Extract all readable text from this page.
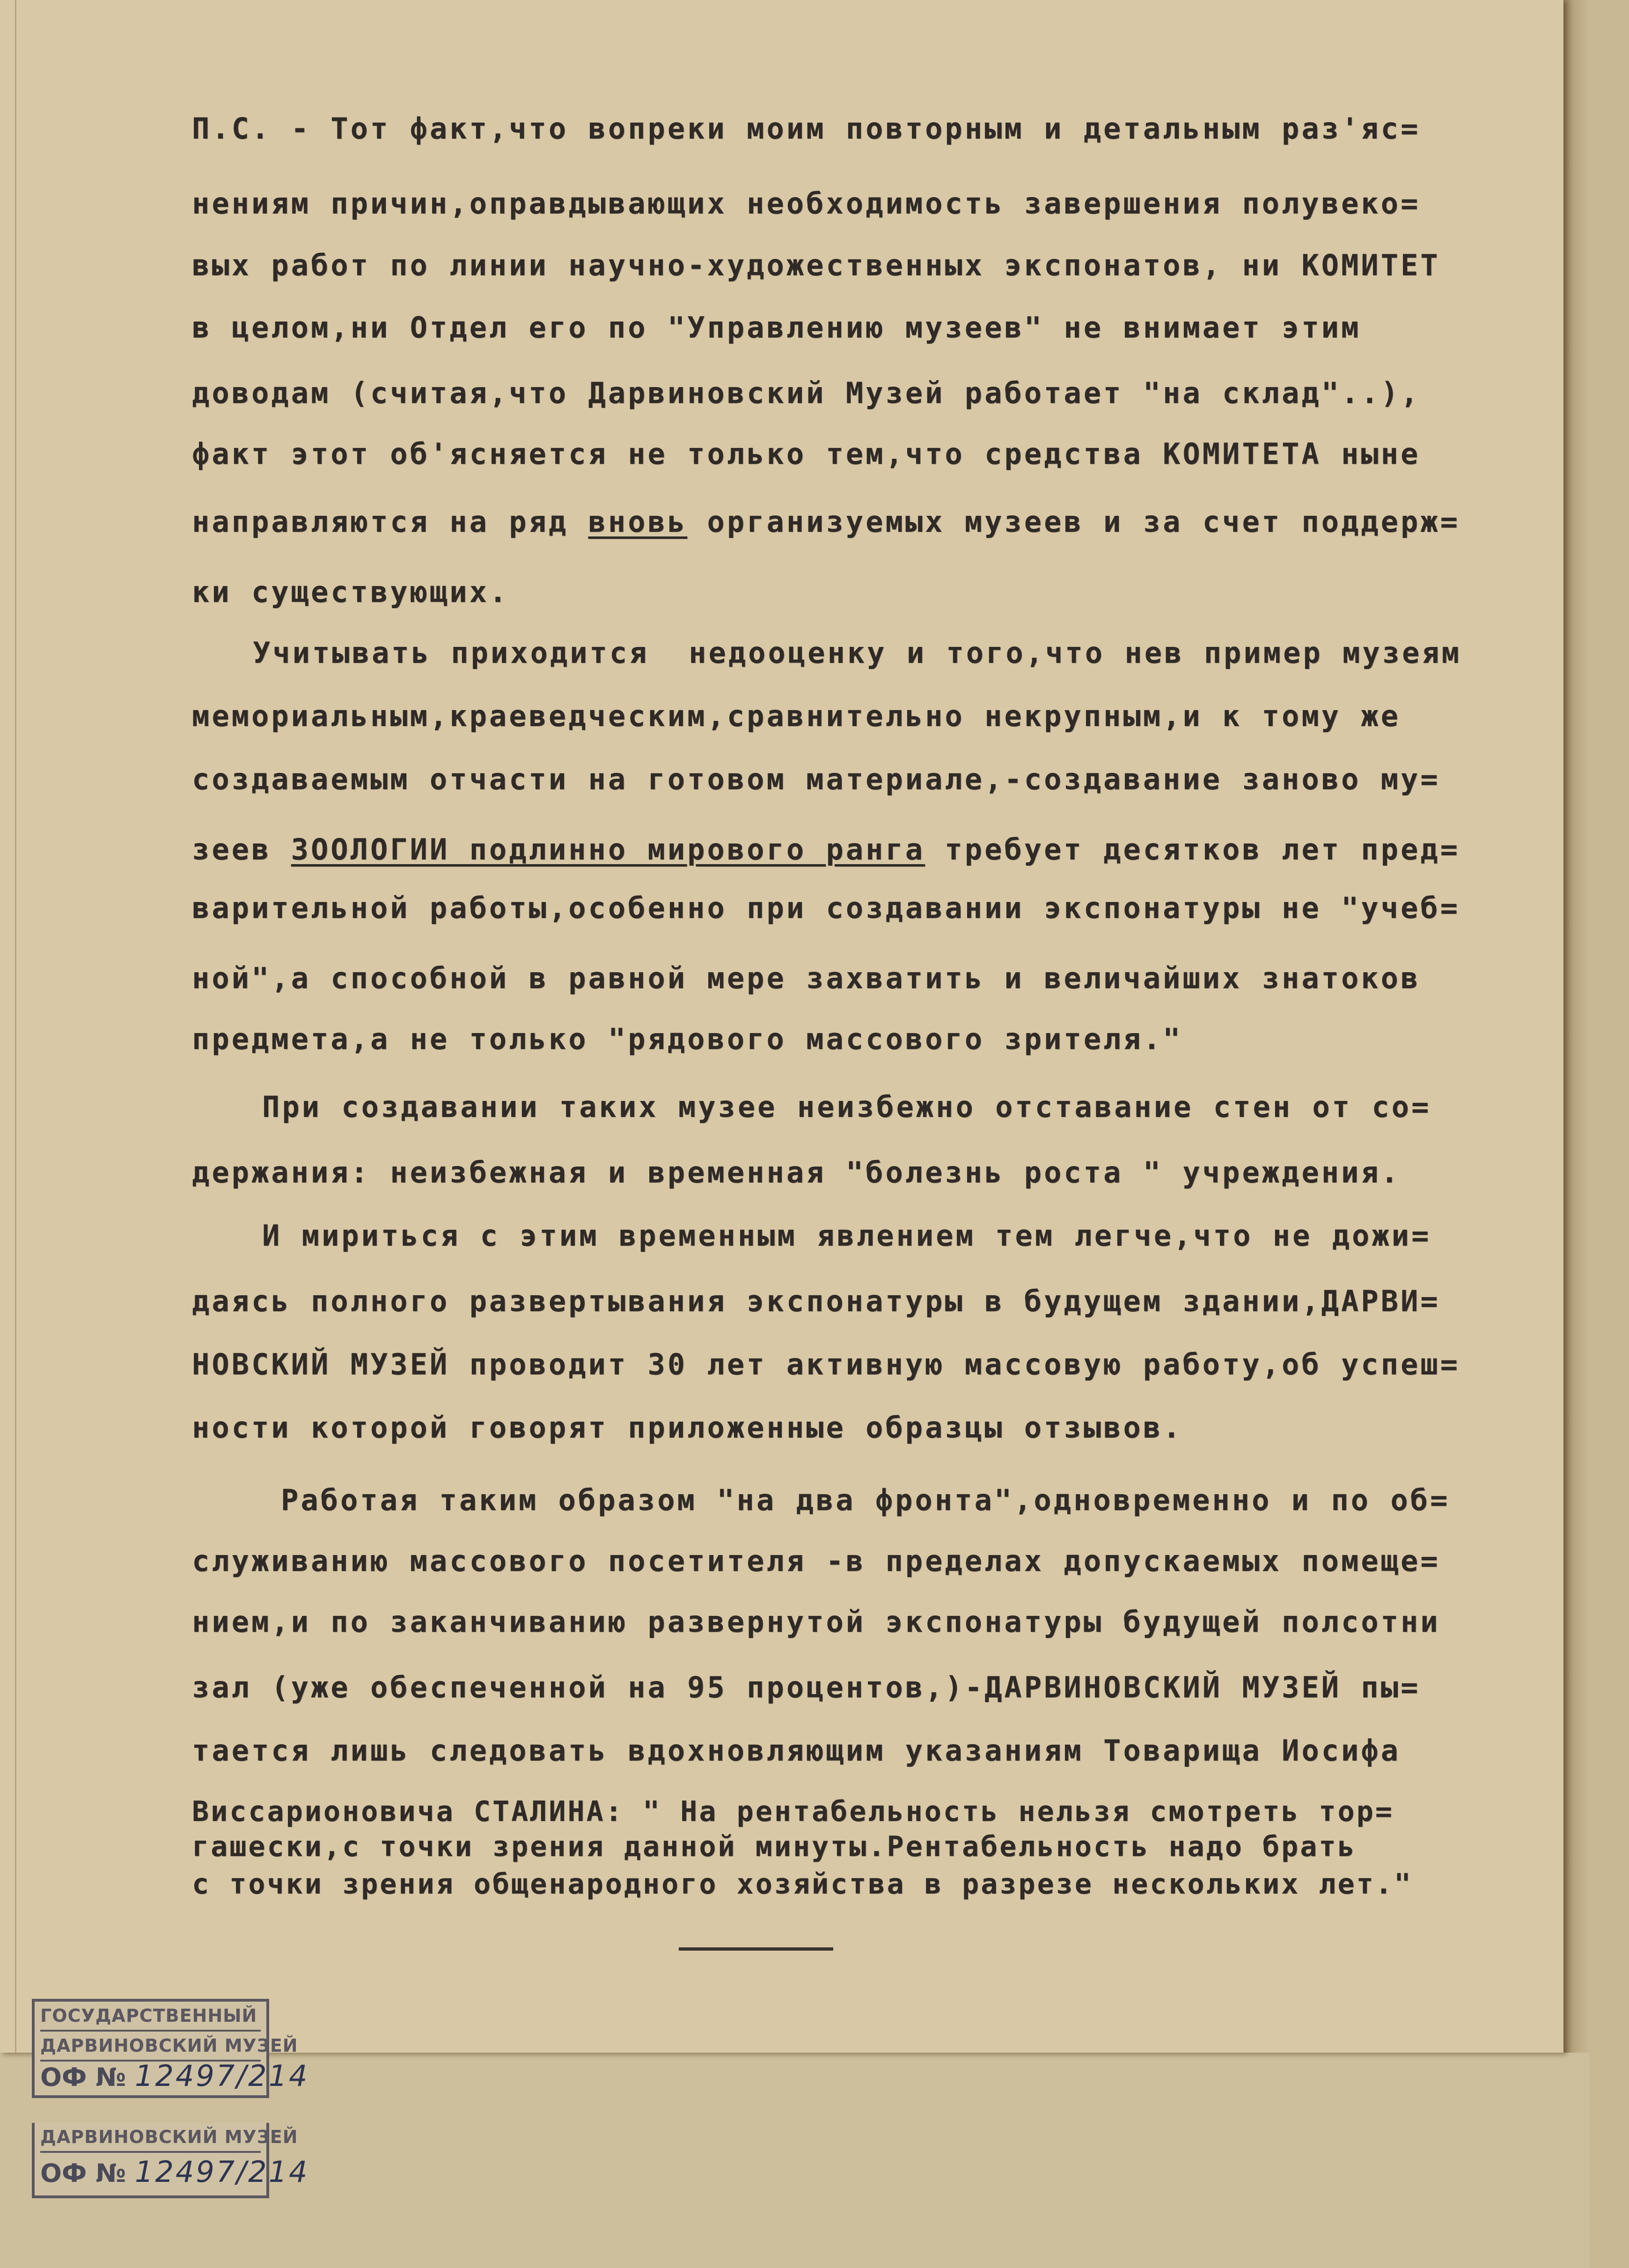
П.С. - Тот факт,что вопреки моим повторным и детальным раз'яс=
нениям причин,оправдывающих необходимость завершения полувеко=
вых работ по линии научно-художественных экспонатов, ни КОМИТЕТ
в целом,ни Отдел его по "Управлению музеев" не внимает этим
доводам (считая,что Дарвиновский Музей работает "на склад"..),
факт этот об'ясняется не только тем,что средства КОМИТЕТА ныне
направляются на ряд вновь организуемых музеев и за счет поддерж=
ки существующих.
Учитывать приходится  недооценку и того,что нев пример музеям
мемориальным,краеведческим,сравнительно некрупным,и к тому же
создаваемым отчасти на готовом материале,-создавание заново му=
зеев ЗООЛОГИИ подлинно мирового ранга требует десятков лет пред=
варительной работы,особенно при создавании экспонатуры не "учеб=
ной",а способной в равной мере захватить и величайших знатоков
предмета,а не только "рядового массового зрителя."
При создавании таких музее неизбежно отставание стен от со=
держания: неизбежная и временная "болезнь роста " учреждения.
И мириться с этим временным явлением тем легче,что не дожи=
даясь полного развертывания экспонатуры в будущем здании,ДАРВИ=
НОВСКИЙ МУЗЕЙ проводит 30 лет активную массовую работу,об успеш=
ности которой говорят приложенные образцы отзывов.
Работая таким образом "на два фронта",одновременно и по об=
служиванию массового посетителя -в пределах допускаемых помеще=
нием,и по заканчиванию развернутой экспонатуры будущей полсотни
зал (уже обеспеченной на 95 процентов,)-ДАРВИНОВСКИЙ МУЗЕЙ пы=
тается лишь следовать вдохновляющим указаниям Товарища Иосифа
Виссарионовича СТАЛИНА: " На рентабельность нельзя смотреть тор=
гашески,с точки зрения данной минуты.Рентабельность надо брать
с точки зрения общенародного хозяйства в разрезе нескольких лет."
ГОСУДАРСТВЕННЫЙ
ДАРВИНОВСКИЙ МУЗЕЙ
ОФ № 12497/214
ДАРВИНОВСКИЙ МУЗЕЙ
ОФ № 12497/214
